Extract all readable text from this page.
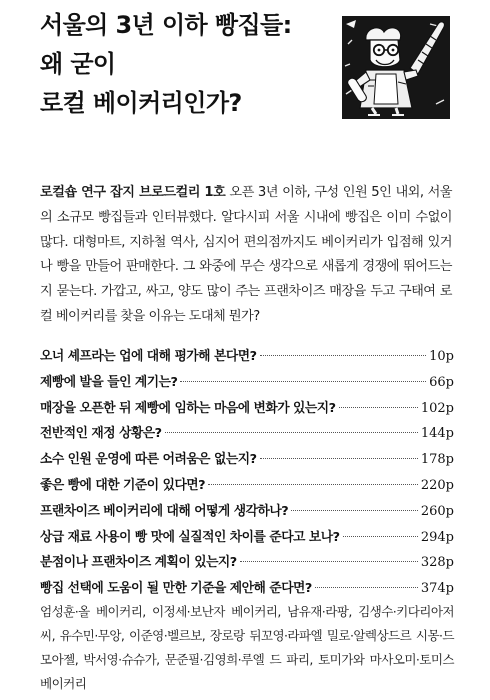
서울의 3년 이하 빵집들:
왜 굳이
로컬 베이커리인가?

로컬숍 연구 잡지 브로드컬리 1호 오픈 3년 이하, 구성 인원 5인 내외, 서울의 소규모 빵집들과 인터뷰했다. 알다시피 서울 시내에 빵집은 이미 수없이 많다. 대형마트, 지하철 역사, 심지어 편의점까지도 베이커리가 입점해 있거나 빵을 만들어 판매한다. 그 와중에 무슨 생각으로 새롭게 경쟁에 뛰어드는지 묻는다. 가깝고, 싸고, 양도 많이 주는 프랜차이즈 매장을 두고 구태여 로컬 베이커리를 찾을 이유는 도대체 뭔가?

오너 셰프라는 업에 대해 평가해 본다면?	10p
제빵에 발을 들인 계기는?	66p
매장을 오픈한 뒤 제빵에 임하는 마음에 변화가 있는지?	102p
전반적인 재정 상황은?	144p
소수 인원 운영에 따른 어려움은 없는지?	178p
좋은 빵에 대한 기준이 있다면?	220p
프랜차이즈 베이커리에 대해 어떻게 생각하나?	260p
상급 재료 사용이 빵 맛에 실질적인 차이를 준다고 보나?	294p
분점이나 프랜차이즈 계획이 있는지?	328p
빵집 선택에 도움이 될 만한 기준을 제안해 준다면?	374p

엄성훈·올 베이커리, 이정세·보난자 베이커리, 남유재·라팡, 김생수·키다리아저씨, 유수민·무앙, 이준영·벨르보, 장로랑 뒤꼬영·라파엘 밀로·알렉상드르 시몽·드모아젤, 박서영·슈슈가, 문준필·김영희·루엘 드 파리, 토미가와 마사오미·토미스 베이커리
